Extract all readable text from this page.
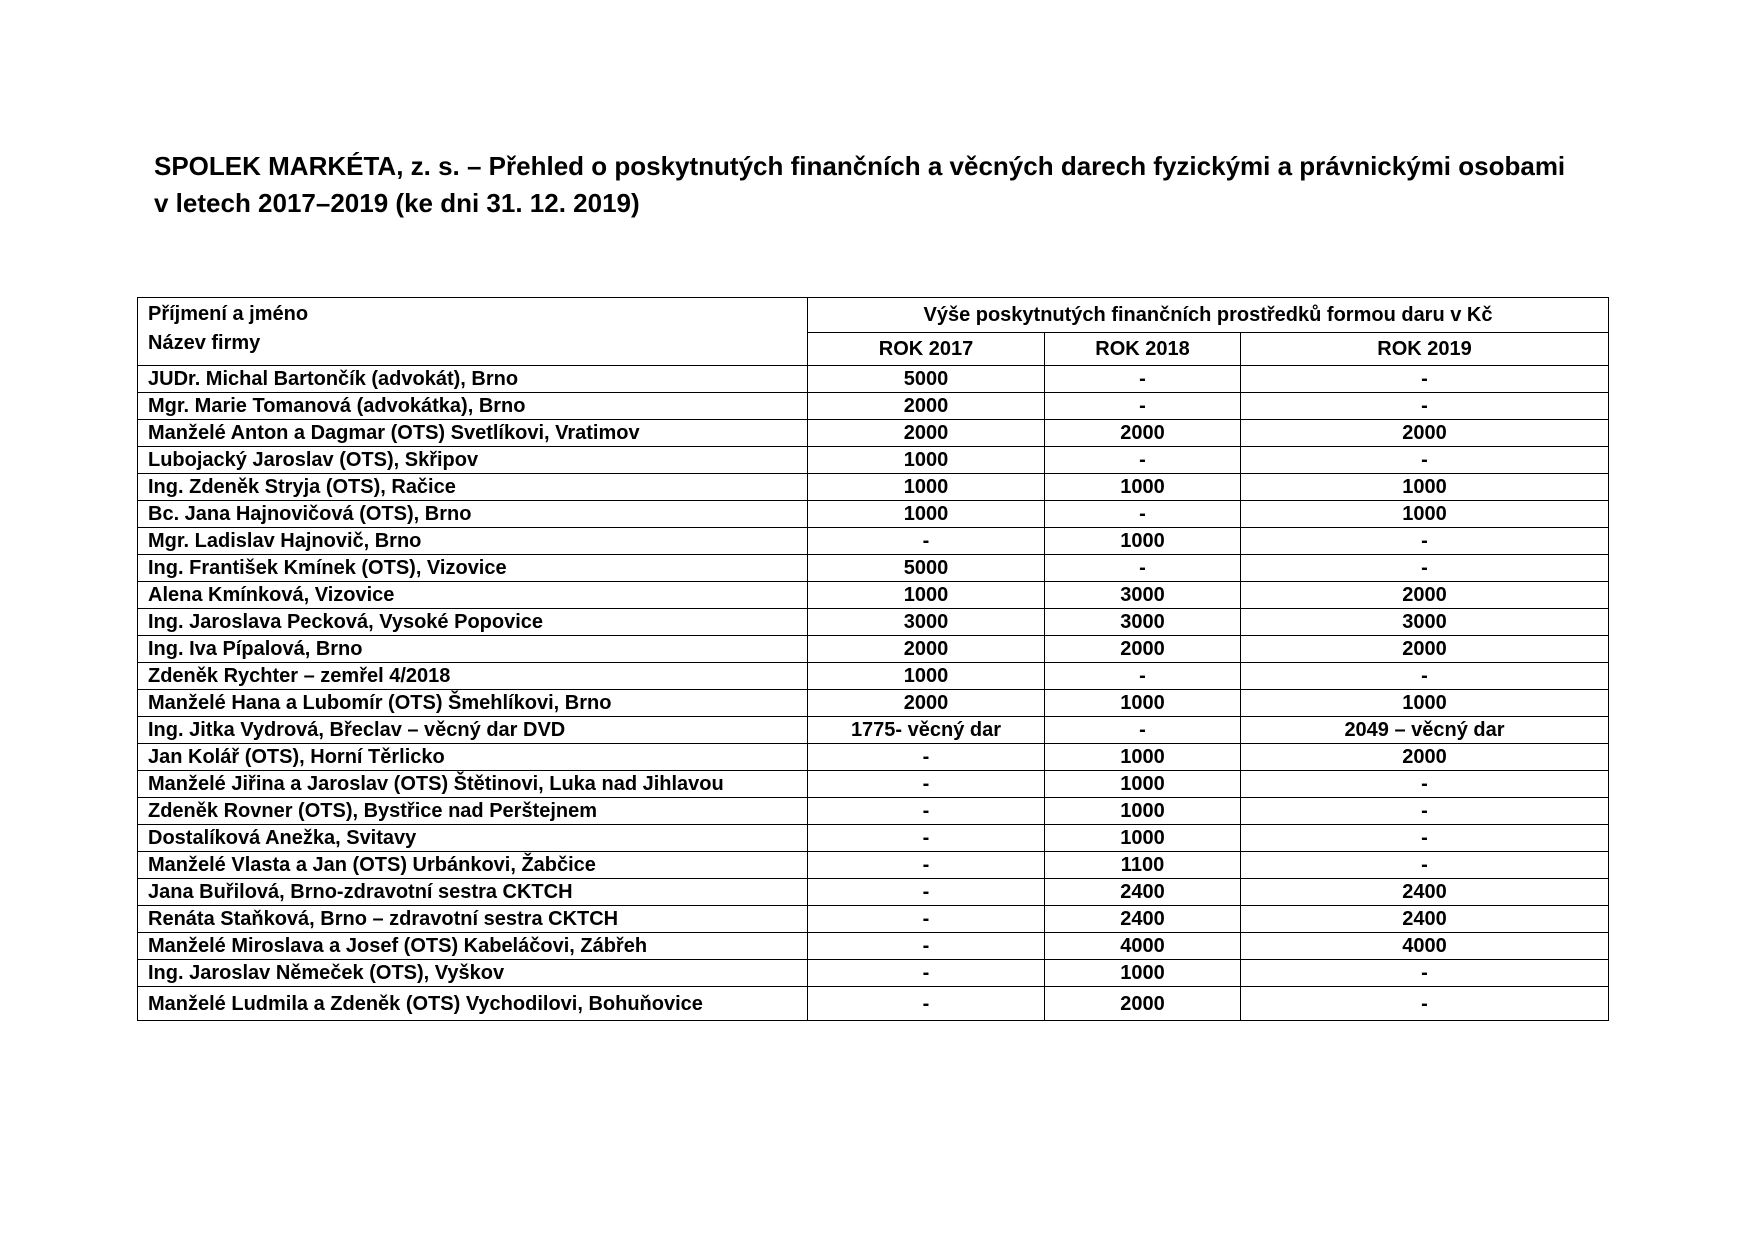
SPOLEK MARKÉTA, z. s. – Přehled o poskytnutých finančních a věcných darech fyzickými a právnickými osobami
v letech 2017–2019 (ke dni 31. 12. 2019)
Příjmení a jméno
Název firmy	Výše poskytnutých finančních prostředků formou daru v Kč		
	ROK 2017	ROK 2018	ROK 2019
JUDr. Michal Bartončík (advokát), Brno	5000	-	-
Mgr. Marie Tomanová (advokátka), Brno	2000	-	-
Manželé Anton a Dagmar (OTS) Svetlíkovi, Vratimov	2000	2000	2000
Lubojacký Jaroslav (OTS), Skřipov	1000	-	-
Ing. Zdeněk Stryja (OTS), Račice	1000	1000	1000
Bc. Jana Hajnovičová (OTS), Brno	1000	-	1000
Mgr. Ladislav Hajnovič, Brno	-	1000	-
Ing. František Kmínek (OTS), Vizovice	5000	-	-
Alena Kmínková, Vizovice	1000	3000	2000
Ing. Jaroslava Pecková, Vysoké Popovice	3000	3000	3000
Ing. Iva Pípalová, Brno	2000	2000	2000
Zdeněk Rychter – zemřel 4/2018	1000	-	-
Manželé Hana a Lubomír (OTS) Šmehlíkovi, Brno	2000	1000	1000
Ing. Jitka Vydrová, Břeclav – věcný dar DVD	1775- věcný dar	-	2049 – věcný dar
Jan Kolář (OTS), Horní Těrlicko	-	1000	2000
Manželé Jiřina a Jaroslav (OTS) Štětinovi, Luka nad Jihlavou	-	1000	-
Zdeněk Rovner (OTS), Bystřice nad Perštejnem	-	1000	-
Dostalíková Anežka, Svitavy	-	1000	-
Manželé Vlasta a Jan (OTS) Urbánkovi, Žabčice	-	1100	-
Jana Buřilová, Brno-zdravotní sestra CKTCH	-	2400	2400
Renáta Staňková, Brno – zdravotní sestra CKTCH	-	2400	2400
Manželé Miroslava a Josef (OTS) Kabeláčovi, Zábřeh	-	4000	4000
Ing. Jaroslav Němeček (OTS), Vyškov	-	1000	-
Manželé Ludmila a Zdeněk (OTS) Vychodilovi, Bohuňovice	-	2000	-
